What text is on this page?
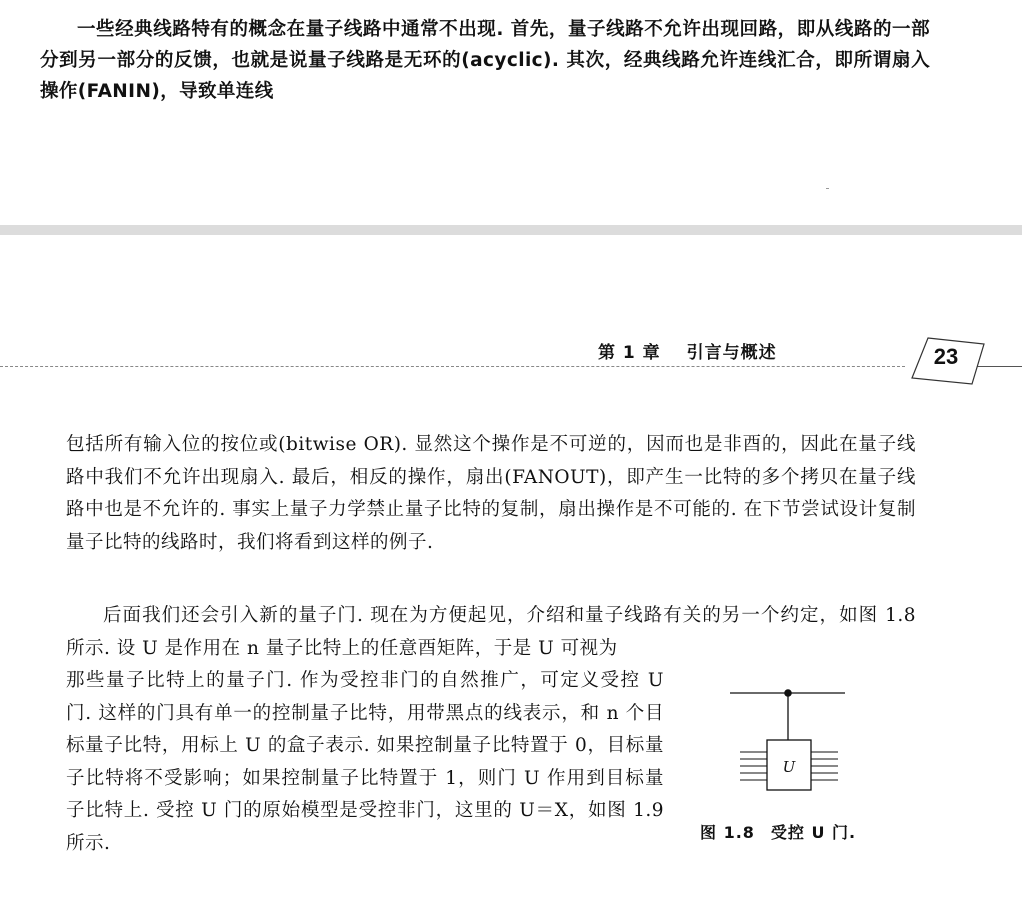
一些经典线路特有的概念在量子线路中通常不出现. 首先，量子线路不允许出现回路，即从线路的一部分到另一部分的反馈，也就是说量子线路是无环的(acyclic). 其次，经典线路允许连线汇合，即所谓扇入操作(FANIN)，导致单连线
第 1 章 引言与概述	23

包括所有输入位的按位或(bitwise OR). 显然这个操作是不可逆的，因而也是非酉的，因此在量子线路中我们不允许出现扇入. 最后，相反的操作，扇出(FANOUT)，即产生一比特的多个拷贝在量子线路中也是不允许的. 事实上量子力学禁止量子比特的复制，扇出操作是不可能的. 在下节尝试设计复制量子比特的线路时，我们将看到这样的例子.

后面我们还会引入新的量子门. 现在为方便起见，介绍和量子线路有关的另一个约定，如图 1.8 所示. 设 U 是作用在 n 量子比特上的任意酉矩阵，于是 U 可视为

那些量子比特上的量子门. 作为受控非门的自然推广，可定义受控 U 门. 这样的门具有单一的控制量子比特，用带黑点的线表示，和 n 个目标量子比特，用标上 U 的盒子表示. 如果控制量子比特置于 0，目标量子比特将不受影响；如果控制量子比特置于 1，则门 U 作用到目标量子比特上. 受控 U 门的原始模型是受控非门，这里的 U＝X，如图 1.9 所示.

U
图 1.8 受控 U 门.
